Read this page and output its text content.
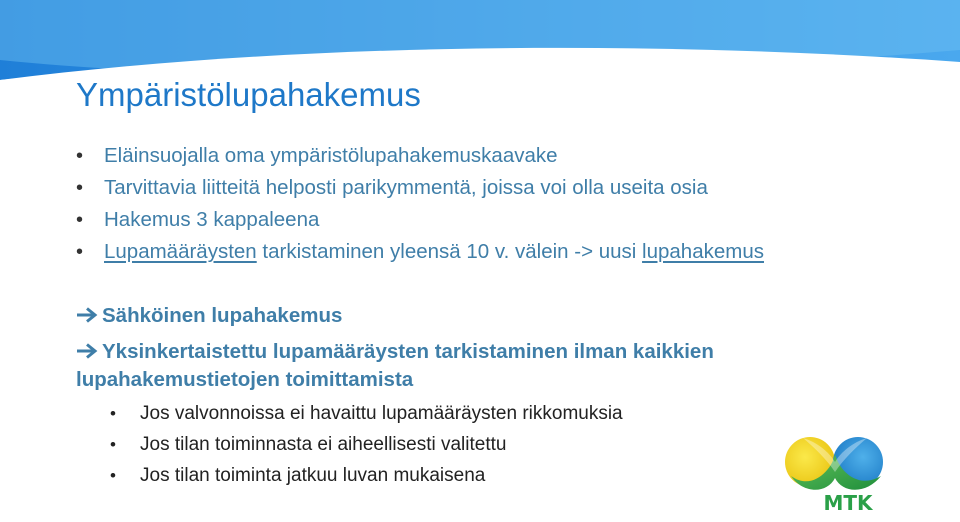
Ympäristölupahakemus
• Eläinsuojalla oma ympäristölupahakemuskaavake
• Tarvittavia liitteitä helposti parikymmentä, joissa voi olla useita osia
• Hakemus 3 kappaleena
• Lupamääräysten tarkistaminen yleensä 10 v. välein -> uusi lupahakemus
Sähköinen lupahakemus
Yksinkertaistettu lupamääräysten tarkistaminen ilman kaikkien
lupahakemustietojen toimittamista
• Jos valvonnoissa ei havaittu lupamääräysten rikkomuksia
• Jos tilan toiminnasta ei aiheellisesti valitettu
• Jos tilan toiminta jatkuu luvan mukaisena
MTK
